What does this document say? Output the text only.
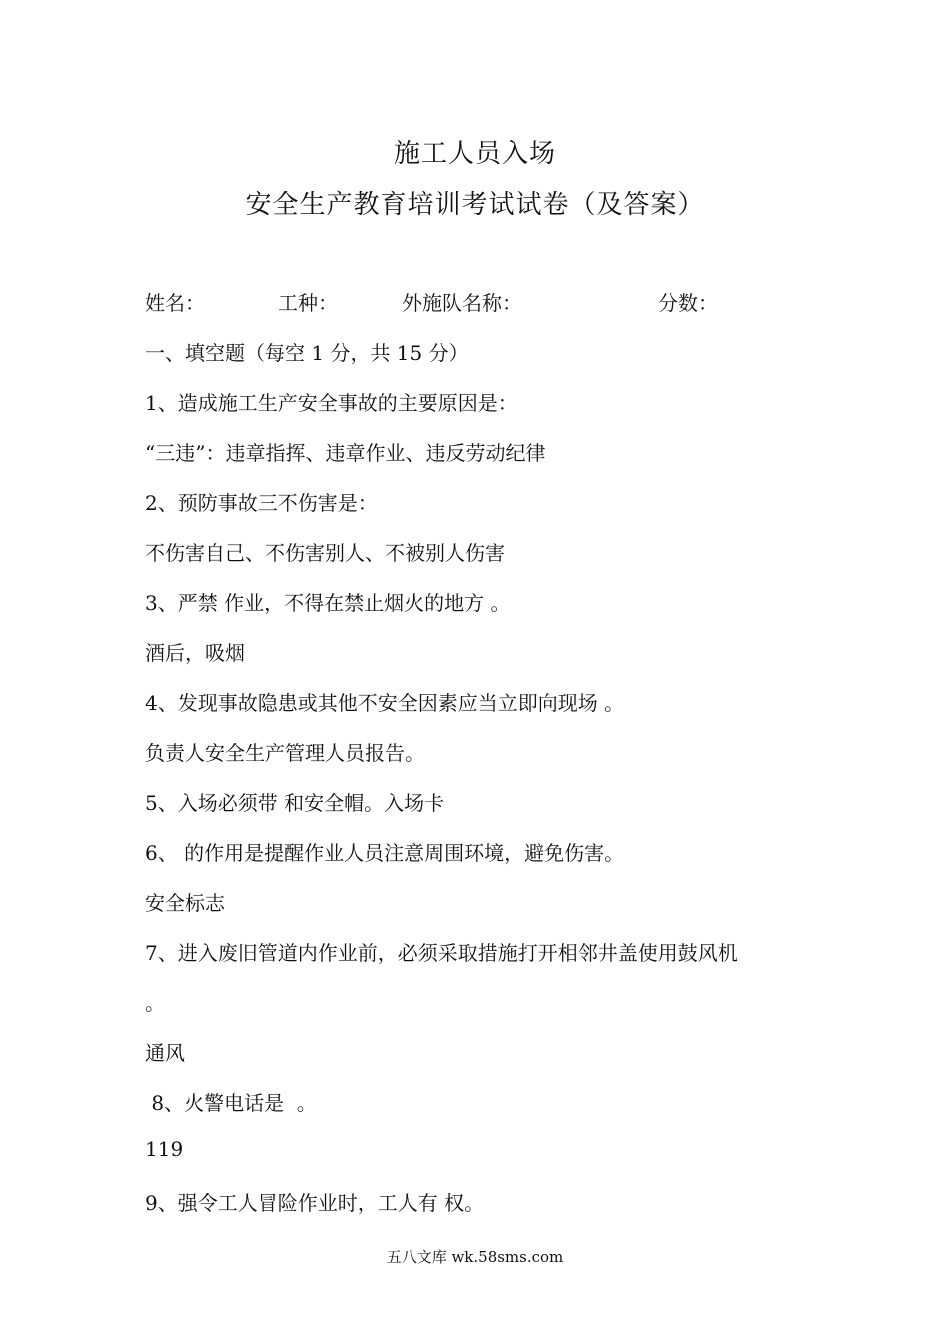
施工人员入场
安全生产教育培训考试试卷（及答案）
姓名：	工种：	外施队名称：	分数：
一、填空题（每空 1 分，共 15 分）
1、造成施工生产安全事故的主要原因是：
“三违”：违章指挥、违章作业、违反劳动纪律
2、预防事故三不伤害是：
不伤害自己、不伤害别人、不被别人伤害
3、严禁 作业，不得在禁止烟火的地方 。
酒后，吸烟
4、发现事故隐患或其他不安全因素应当立即向现场 。
负责人安全生产管理人员报告。
5、入场必须带 和安全帽。入场卡
6、 的作用是提醒作业人员注意周围环境，避免伤害。
安全标志
7、进入废旧管道内作业前，必须采取措施打开相邻井盖使用鼓风机
。
通风
8、火警电话是  。
119
9、强令工人冒险作业时，工人有 权。
五八文库 wk.58sms.com
